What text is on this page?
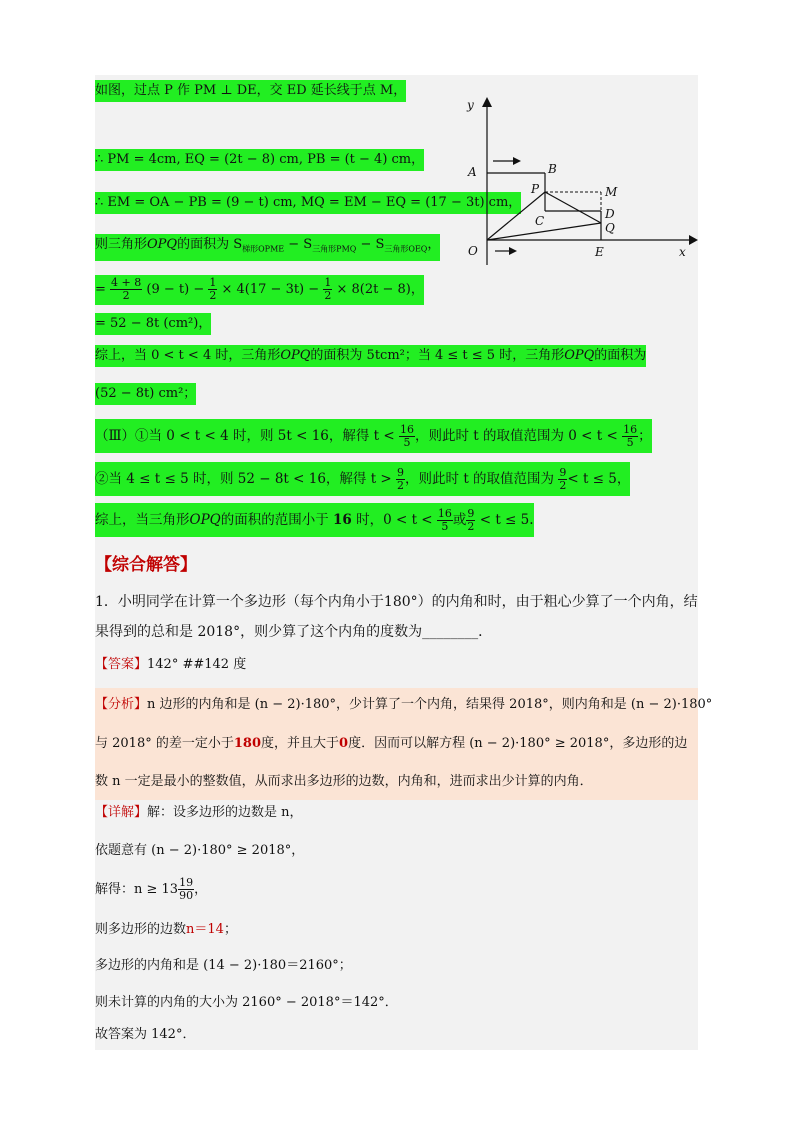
如图，过点 P 作 PM ⊥ DE，交 ED 延长线于点 M，
∴ PM = 4cm, EQ = (2t − 8) cm, PB = (t − 4) cm，
∴ EM = OA − PB = (9 − t) cm, MQ = EM − EQ = (17 − 3t) cm，
则三角形OPQ的面积为 $S_{梯形OPME} - S_{三角形PMQ} - S_{三角形OEQ}$，
= $\frac{4 + 8}{2} (9 - t) - \frac{1}{2} \times 4(17 - 3t) - \frac{1}{2} \times 8(2t - 8)$，
= 52 − 8t (cm²)，
综上，当 0 < t < 4 时，三角形OPQ的面积为 5tcm²；当 4 ≤ t ≤ 5 时，三角形OPQ的面积为
(52 − 8t) cm²；
（Ⅲ）①当 0 < t < 4 时，则 5t < 16，解得 $t < \frac{16}{5}$ ，则此时 t 的取值范围为 $0 < t < \frac{16}{5}$ ；
②当 4 ≤ t ≤ 5 时，则 52 − 8t < 16，解得 $t > \frac{9}{2}$ ，则此时 t 的取值范围为 $\frac{9}{2} < t \le 5$，
综上，当三角形OPQ的面积的范围小于 16 时，$0 < t < \frac{16}{5}$ 或 $\frac{9}{2} < t \le 5$.
y
A	B
P	M
D
C	Q
O	E	x
【综合解答】
1．小明同学在计算一个多边形（每个内角小于180°）的内角和时，由于粗心少算了一个内角，结
果得到的总和是 2018°，则少算了这个内角的度数为________．
【答案】142° ##142 度
【分析】n 边形的内角和是 (n − 2)·180°，少计算了一个内角，结果得 2018°，则内角和是 (n − 2)·180°
与 2018° 的差一定小于180度，并且大于0度．因而可以解方程 (n − 2)·180° ≥ 2018°，多边形的边
数 n 一定是最小的整数值，从而求出多边形的边数，内角和，进而求出少计算的内角．
【详解】解：设多边形的边数是 n，
依题意有 (n − 2)·180° ≥ 2018°，
解得：$n \ge 13 \frac{19}{90}$ ，
则多边形的边数n＝14；
多边形的内角和是 (14 − 2)·180＝2160°；
则未计算的内角的大小为 2160° − 2018°＝142°．
故答案为 142°．
